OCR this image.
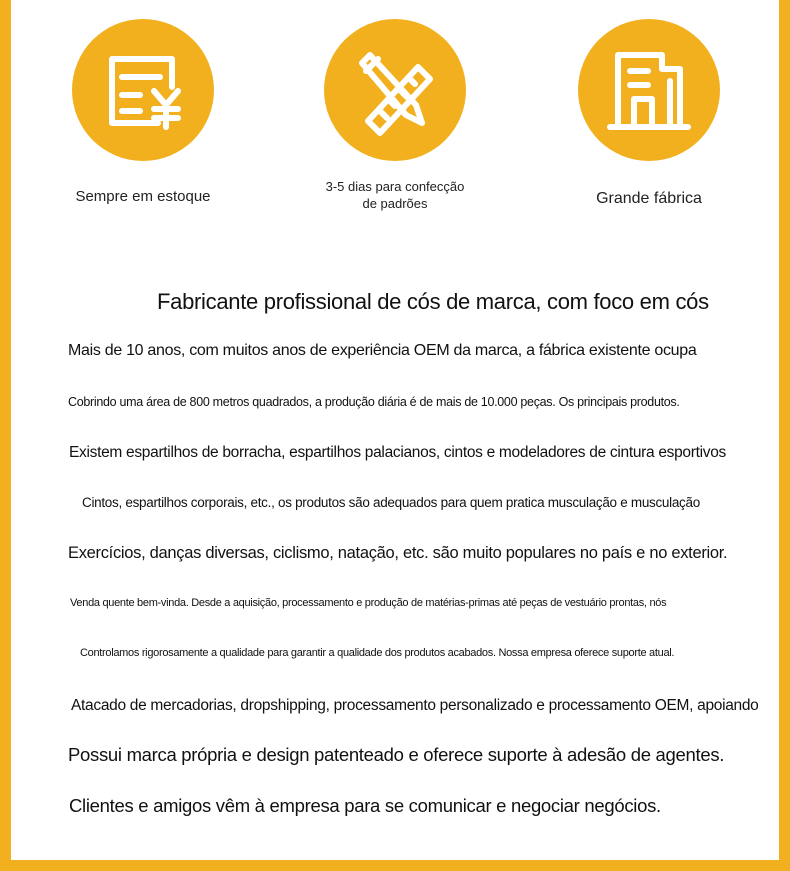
Sempre em estoque
3-5 dias para confecção de padrões	Grande fábrica
Fabricante profissional de cós de marca, com foco em cós
Mais de 10 anos, com muitos anos de experiência OEM da marca, a fábrica existente ocupa
Cobrindo uma área de 800 metros quadrados, a produção diária é de mais de 10.000 peças. Os principais produtos.
Existem espartilhos de borracha, espartilhos palacianos, cintos e modeladores de cintura esportivos
Cintos, espartilhos corporais, etc., os produtos são adequados para quem pratica musculação e musculação
Exercícios, danças diversas, ciclismo, natação, etc. são muito populares no país e no exterior.
Venda quente bem-vinda. Desde a aquisição, processamento e produção de matérias-primas até peças de vestuário prontas, nós
Controlamos rigorosamente a qualidade para garantir a qualidade dos produtos acabados. Nossa empresa oferece suporte atual.
Atacado de mercadorias, dropshipping, processamento personalizado e processamento OEM, apoiando
Possui marca própria e design patenteado e oferece suporte à adesão de agentes.
Clientes e amigos vêm à empresa para se comunicar e negociar negócios.
